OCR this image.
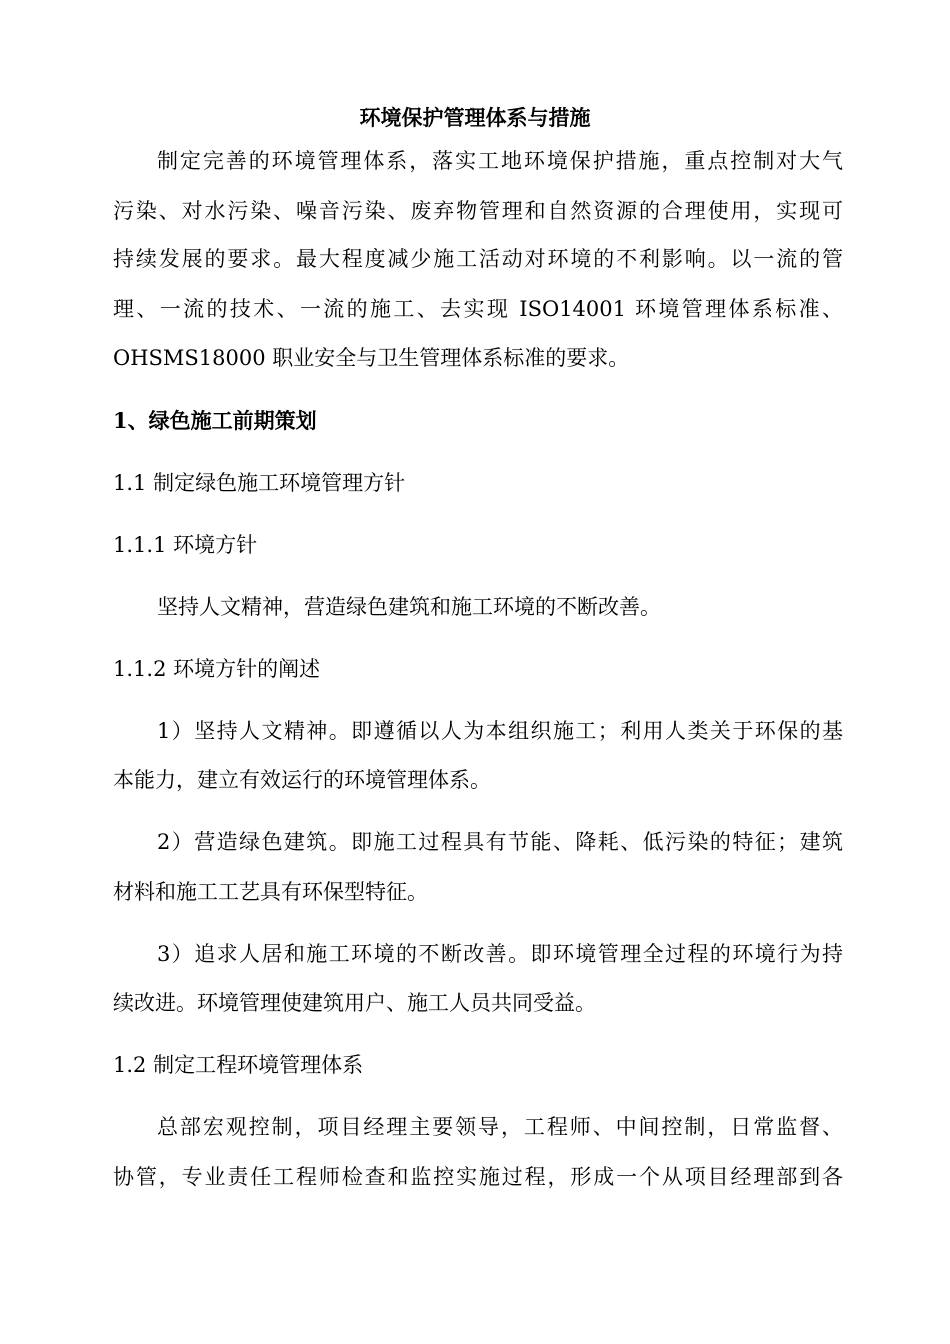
环境保护管理体系与措施
制定完善的环境管理体系，落实工地环境保护措施，重点控制对大气
污染、对水污染、噪音污染、废弃物管理和自然资源的合理使用，实现可
持续发展的要求。最大程度减少施工活动对环境的不利影响。以一流的管
理、一流的技术、一流的施工、去实现 ISO14001 环境管理体系标准、
OHSMS18000 职业安全与卫生管理体系标准的要求。
1、绿色施工前期策划
1.1 制定绿色施工环境管理方针
1.1.1 环境方针
坚持人文精神，营造绿色建筑和施工环境的不断改善。
1.1.2 环境方针的阐述
1）坚持人文精神。即遵循以人为本组织施工；利用人类关于环保的基
本能力，建立有效运行的环境管理体系。
2）营造绿色建筑。即施工过程具有节能、降耗、低污染的特征；建筑
材料和施工工艺具有环保型特征。
3）追求人居和施工环境的不断改善。即环境管理全过程的环境行为持
续改进。环境管理使建筑用户、施工人员共同受益。
1.2 制定工程环境管理体系
总部宏观控制，项目经理主要领导，工程师、中间控制，日常监督、
协管，专业责任工程师检查和监控实施过程，形成一个从项目经理部到各
